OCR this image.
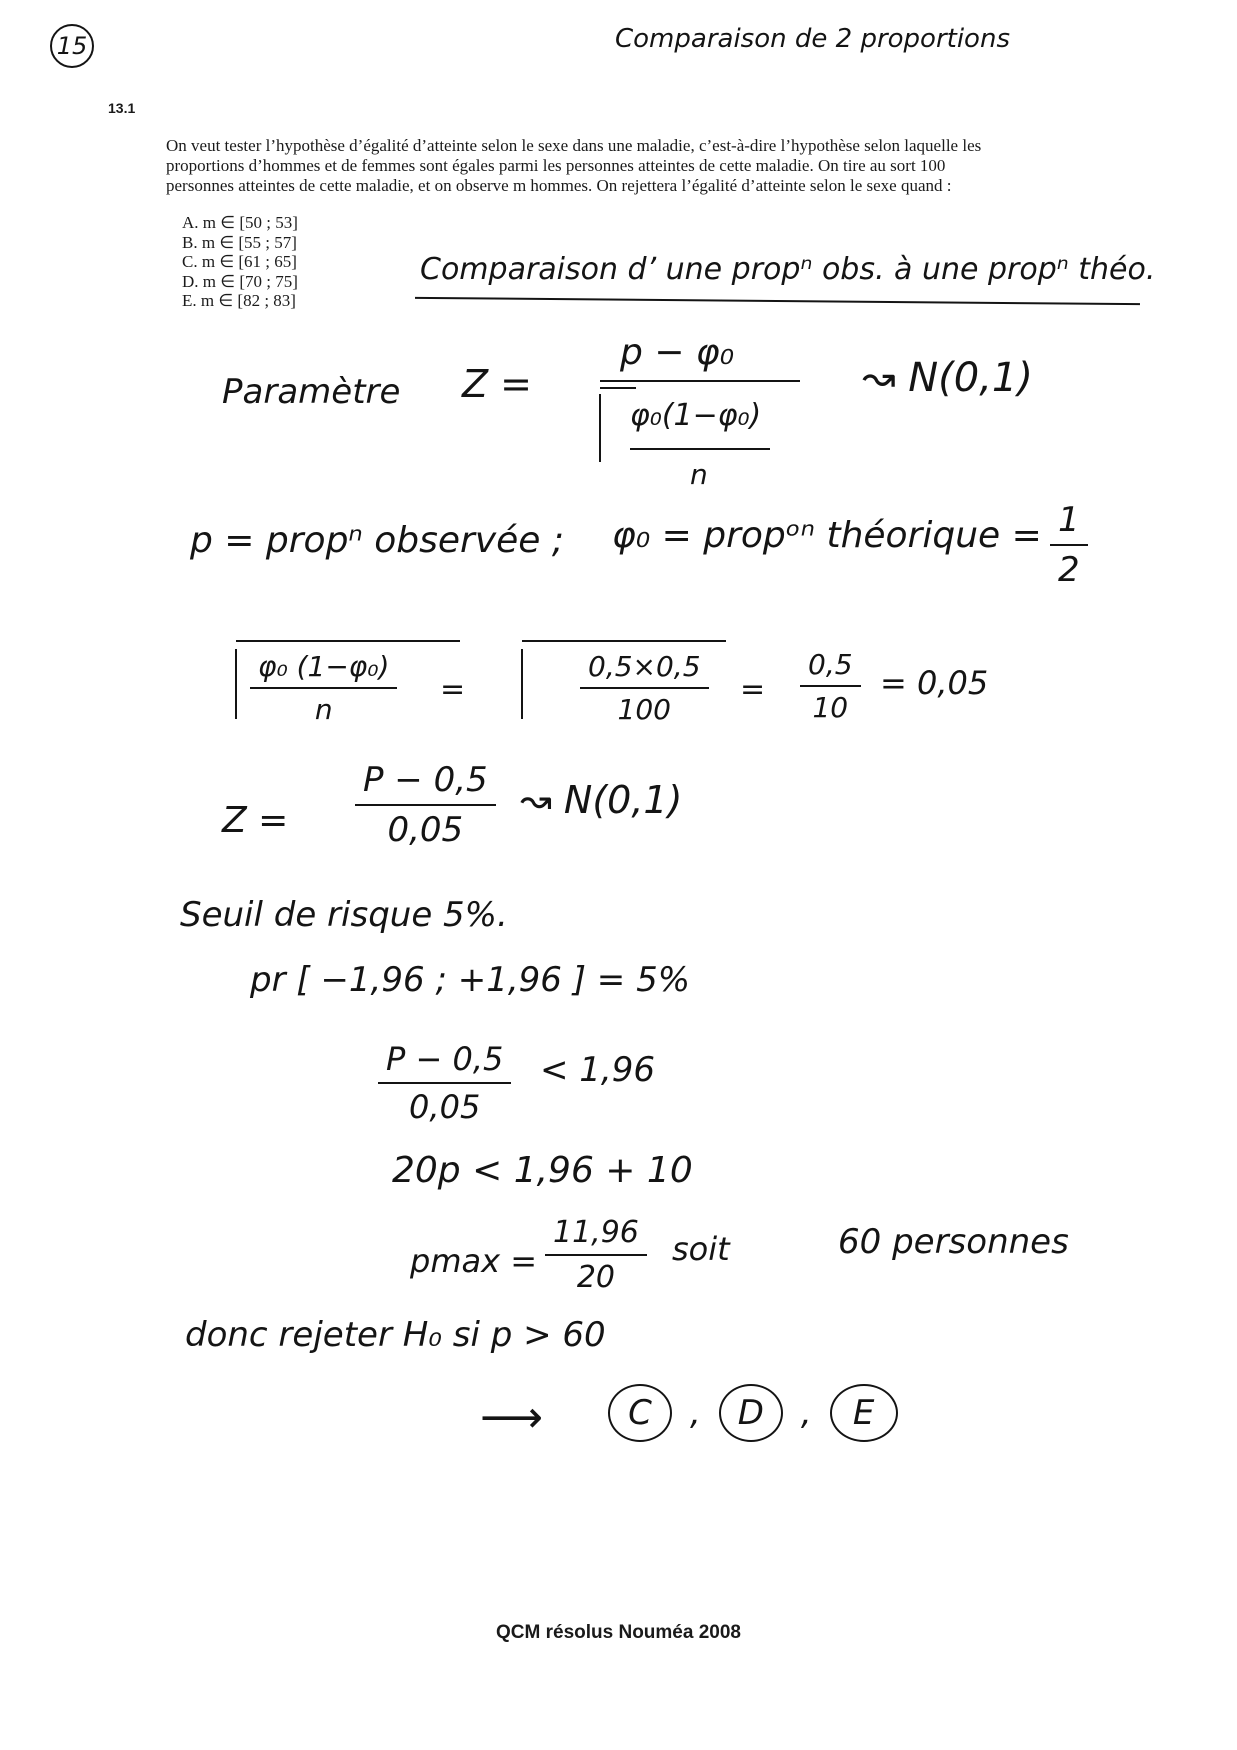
15	Comparaison de 2 proportions
13.1
On veut tester l’hypothèse d’égalité d’atteinte selon le sexe dans une maladie, c’est-à-dire l’hypothèse selon laquelle les
proportions d’hommes et de femmes sont égales parmi les personnes atteintes de cette maladie. On tire au sort 100
personnes atteintes de cette maladie, et on observe m hommes. On rejettera l’égalité d’atteinte selon le sexe quand :
A. m ∈ [50 ; 53]
B. m ∈ [55 ; 57]
C. m ∈ [61 ; 65]
D. m ∈ [70 ; 75]
E. m ∈ [82 ; 83]
Comparaison d’ une propⁿ obs. à une propⁿ théo.
Paramètre Z =
p − φ₀
φ₀(1−φ₀)
n
↝ N(0,1)
p = propⁿ observée ; φ₀ = propᵒⁿ théorique = $\frac{1}{2}$
$\frac{\text{φ₀ (1−φ₀)}}{n}$ =	$\frac{0,5\times 0,5}{100} = \frac{0,5}{10} = 0,05$
$Z = \frac{P - 0,5}{0,05}$ ↝ N(0,1)
Seuil de risque 5%.
pr [ −1,96 ; +1,96 ] = 5%
$\frac{P - 0,5}{0,05} < 1,96$
20p < 1,96 + 10
$pmax = \frac{11,96}{20}$ soit	60 personnes
donc rejeter H₀ si p > 60
⟶	C , D , E
QCM résolus Nouméa 2008
